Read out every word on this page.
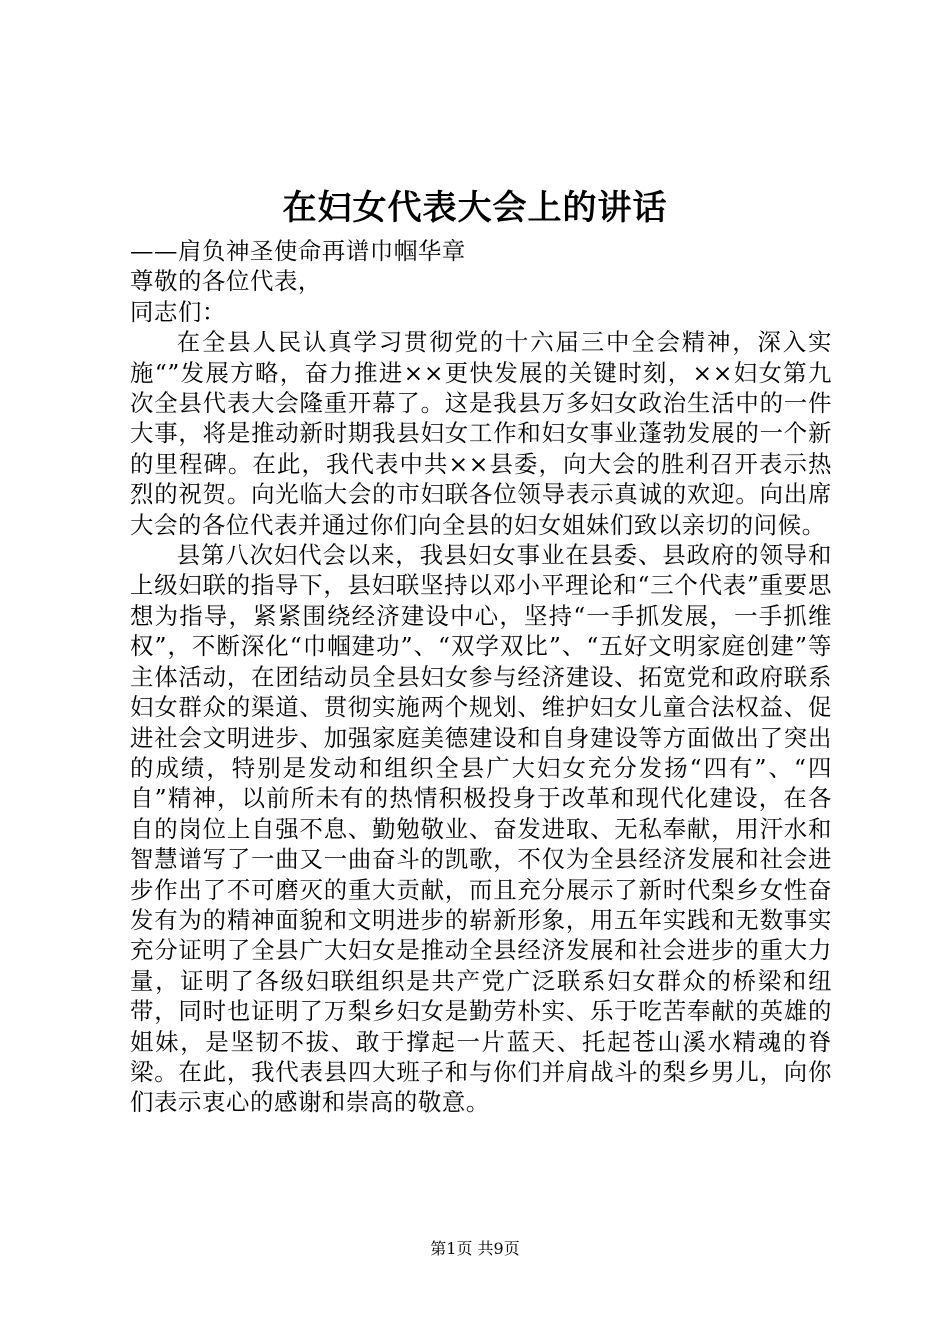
在妇女代表大会上的讲话

——肩负神圣使命再谱巾帼华章

尊敬的各位代表，

同志们：

在全县人民认真学习贯彻党的十六届三中全会精神，深入实施“”发展方略，奋力推进××更快发展的关键时刻，××妇女第九次全县代表大会隆重开幕了。这是我县万多妇女政治生活中的一件大事，将是推动新时期我县妇女工作和妇女事业蓬勃发展的一个新的里程碑。在此，我代表中共××县委，向大会的胜利召开表示热烈的祝贺。向光临大会的市妇联各位领导表示真诚的欢迎。向出席大会的各位代表并通过你们向全县的妇女姐妹们致以亲切的问候。

县第八次妇代会以来，我县妇女事业在县委、县政府的领导和上级妇联的指导下，县妇联坚持以邓小平理论和“三个代表”重要思想为指导，紧紧围绕经济建设中心，坚持“一手抓发展，一手抓维权”，不断深化“巾帼建功”、“双学双比”、“五好文明家庭创建”等主体活动，在团结动员全县妇女参与经济建设、拓宽党和政府联系妇女群众的渠道、贯彻实施两个规划、维护妇女儿童合法权益、促进社会文明进步、加强家庭美德建设和自身建设等方面做出了突出的成绩，特别是发动和组织全县广大妇女充分发扬“四有”、“四自”精神，以前所未有的热情积极投身于改革和现代化建设，在各自的岗位上自强不息、勤勉敬业、奋发进取、无私奉献，用汗水和智慧谱写了一曲又一曲奋斗的凯歌，不仅为全县经济发展和社会进步作出了不可磨灭的重大贡献，而且充分展示了新时代梨乡女性奋发有为的精神面貌和文明进步的崭新形象，用五年实践和无数事实充分证明了全县广大妇女是推动全县经济发展和社会进步的重大力量，证明了各级妇联组织是共产党广泛联系妇女群众的桥梁和纽带，同时也证明了万梨乡妇女是勤劳朴实、乐于吃苦奉献的英雄的姐妹，是坚韧不拔、敢于撑起一片蓝天、托起苍山溪水精魂的脊梁。在此，我代表县四大班子和与你们并肩战斗的梨乡男儿，向你们表示衷心的感谢和崇高的敬意。

第1页 共9页
